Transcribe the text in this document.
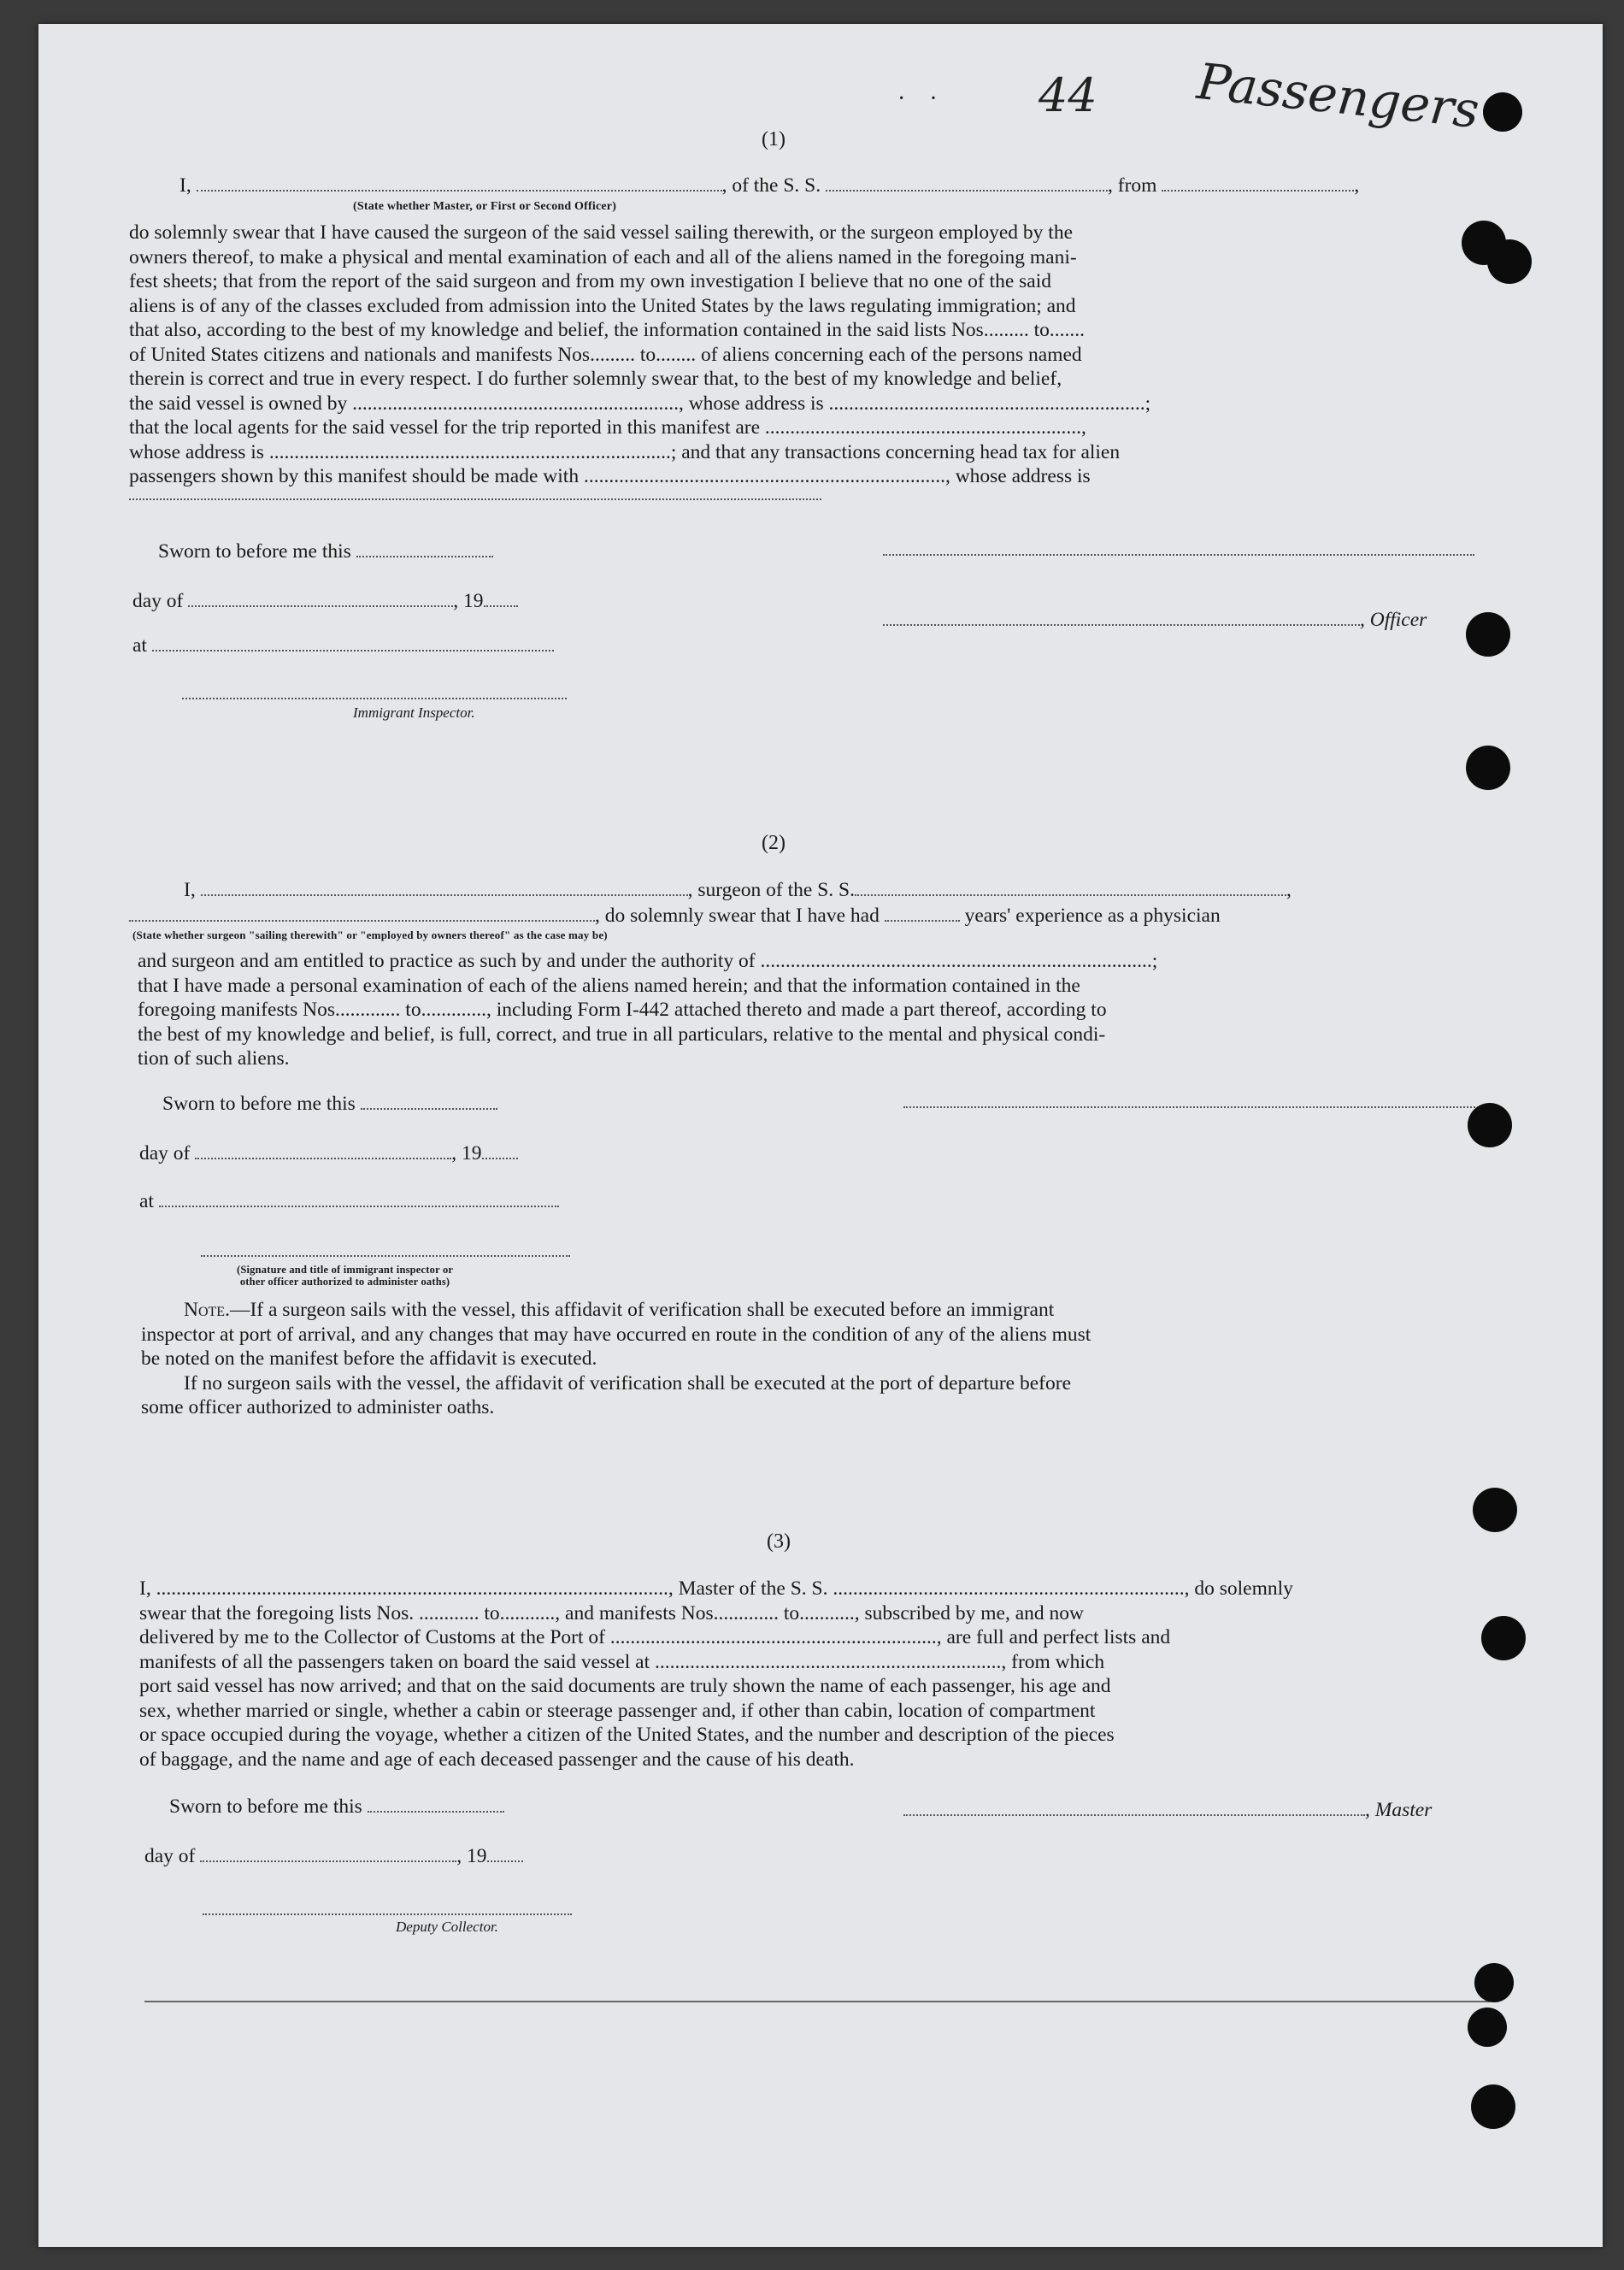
44 Passengers
·    ·
(1)
I,	, of the S. S.	, from	,
(State whether Master, or First or Second Officer)
do solemnly swear that I have caused the surgeon of the said vessel sailing therewith, or the surgeon employed by the
owners thereof, to make a physical and mental examination of each and all of the aliens named in the foregoing mani-
fest sheets; that from the report of the said surgeon and from my own investigation I believe that no one of the said
aliens is of any of the classes excluded from admission into the United States by the laws regulating immigration; and
that also, according to the best of my knowledge and belief, the information contained in the said lists Nos......... to.......
of United States citizens and nationals and manifests Nos......... to........ of aliens concerning each of the persons named
therein is correct and true in every respect. I do further solemnly swear that, to the best of my knowledge and belief,
the said vessel is owned by ................................................................., whose address is ...............................................................;
that the local agents for the said vessel for the trip reported in this manifest are ...............................................................,
whose address is ................................................................................; and that any transactions concerning head tax for alien
passengers shown by this manifest should be made with ........................................................................, whose address is
Sworn to before me this
day of	, 19
, Officer
at
Immigrant Inspector.
(2)
I,	, surgeon of the S. S.	,
, do solemnly swear that I have had	years' experience as a physician
(State whether surgeon "sailing therewith" or "employed by owners thereof" as the case may be)
and surgeon and am entitled to practice as such by and under the authority of ..............................................................................;
that I have made a personal examination of each of the aliens named herein; and that the information contained in the
foregoing manifests Nos............. to............., including Form I-442 attached thereto and made a part thereof, according to
the best of my knowledge and belief, is full, correct, and true in all particulars, relative to the mental and physical condi-
tion of such aliens.
Sworn to before me this
day of	, 19
at
(Signature and title of immigrant inspector or
other officer authorized to administer oaths)
Note.—If a surgeon sails with the vessel, this affidavit of verification shall be executed before an immigrant
inspector at port of arrival, and any changes that may have occurred en route in the condition of any of the aliens must
be noted on the manifest before the affidavit is executed.
If no surgeon sails with the vessel, the affidavit of verification shall be executed at the port of departure before
some officer authorized to administer oaths.
(3)
I, ......................................................................................................, Master of the S. S. ......................................................................, do solemnly
swear that the foregoing lists Nos. ............ to..........., and manifests Nos............. to..........., subscribed by me, and now
delivered by me to the Collector of Customs at the Port of ................................................................., are full and perfect lists and
manifests of all the passengers taken on board the said vessel at ....................................................................., from which
port said vessel has now arrived; and that on the said documents are truly shown the name of each passenger, his age and
sex, whether married or single, whether a cabin or steerage passenger and, if other than cabin, location of compartment
or space occupied during the voyage, whether a citizen of the United States, and the number and description of the pieces
of baggage, and the name and age of each deceased passenger and the cause of his death.
Sworn to before me this	, Master
day of	, 19
Deputy Collector.
